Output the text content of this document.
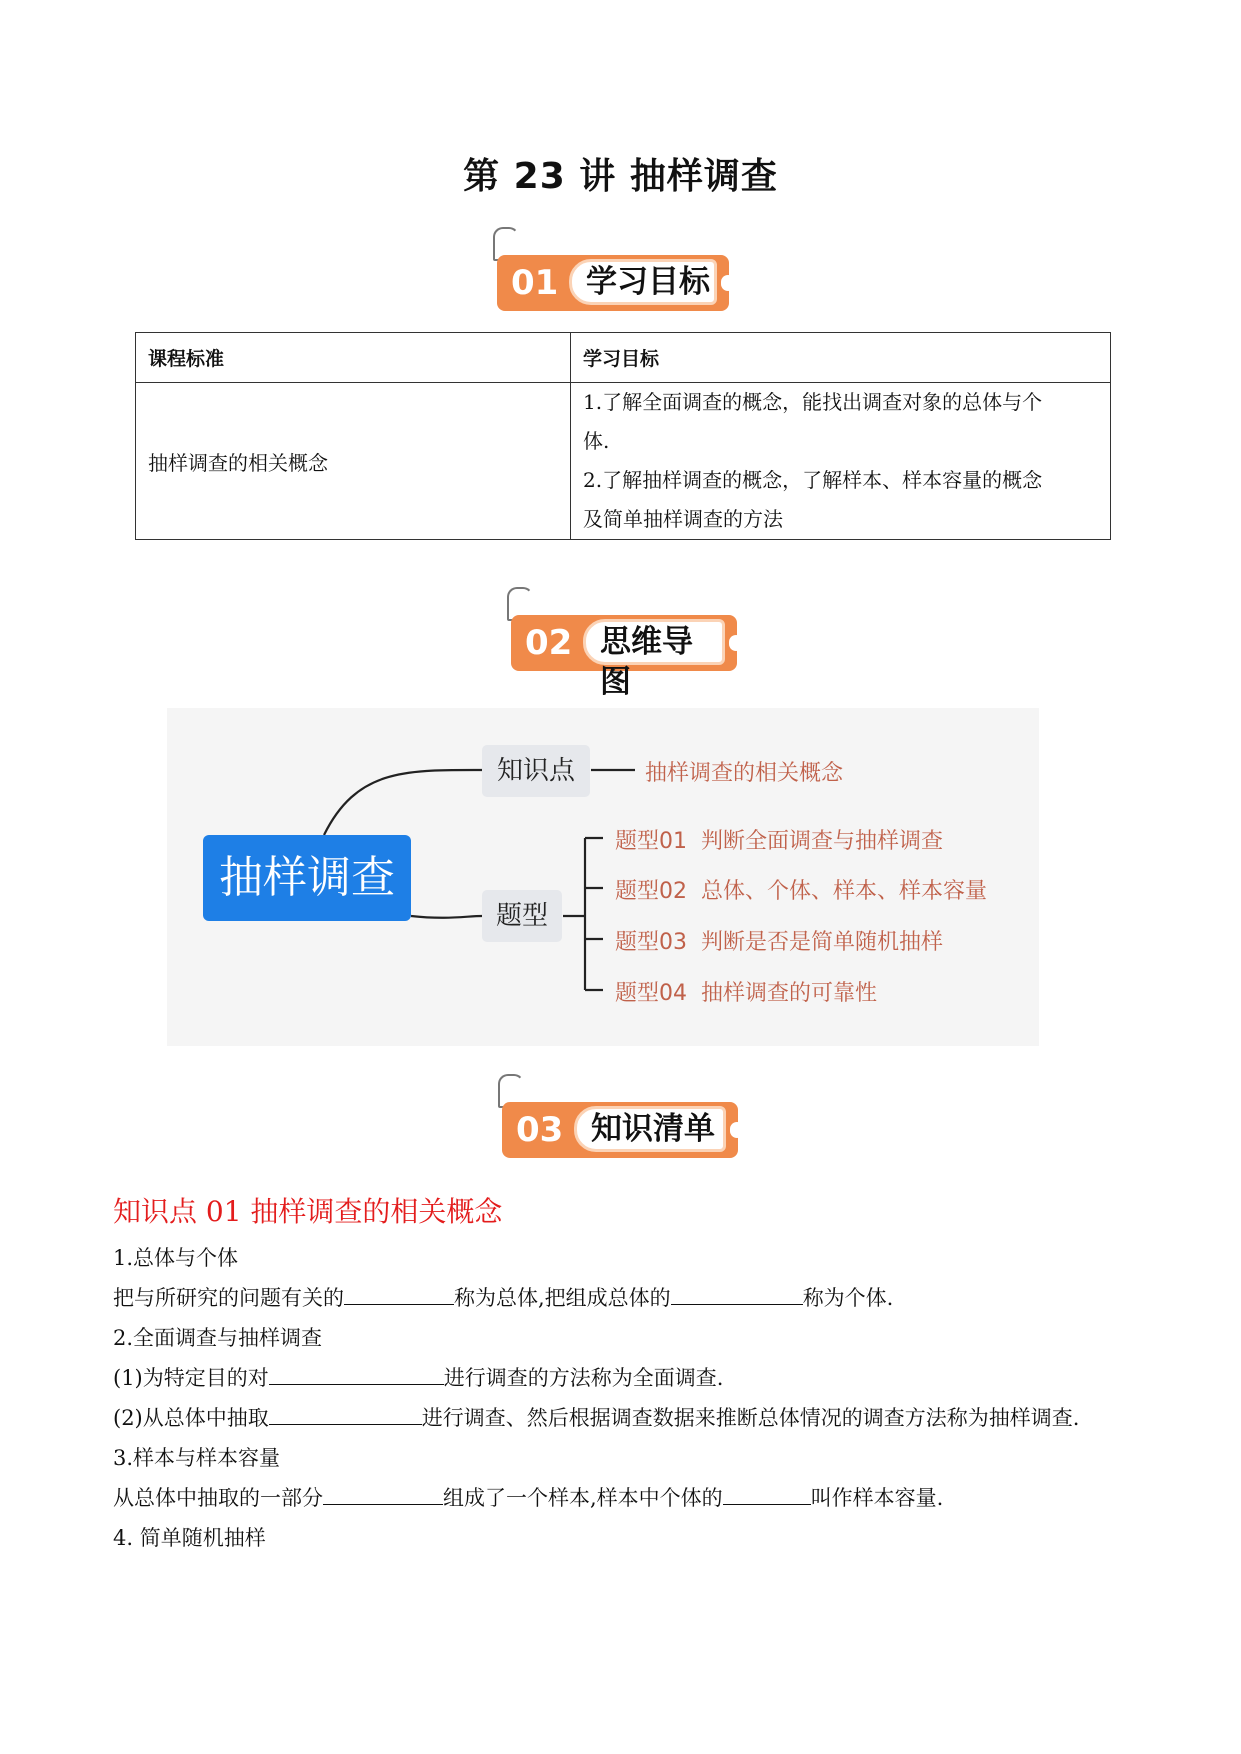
第 23 讲 抽样调查
01 学习目标
课程标准	学习目标
抽样调查的相关概念	1.了解全面调查的概念，能找出调查对象的总体与个
体.
2.了解抽样调查的概念，了解样本、样本容量的概念
及简单抽样调查的方法
02 思维导图
抽样调查
知识点	抽样调查的相关概念
题型
题型01 判断全面调查与抽样调查
题型02 总体、个体、样本、样本容量
题型03 判断是否是简单随机抽样
题型04 抽样调查的可靠性
03 知识清单
知识点 01 抽样调查的相关概念
1.总体与个体
把与所研究的问题有关的	称为总体,把组成总体的	称为个体.
2.全面调查与抽样调查
(1)为特定目的对	进行调查的方法称为全面调查.
(2)从总体中抽取	进行调查、然后根据调查数据来推断总体情况的调查方法称为抽样调查.
3.样本与样本容量
从总体中抽取的一部分	组成了一个样本,样本中个体的	叫作样本容量.
4. 简单随机抽样
